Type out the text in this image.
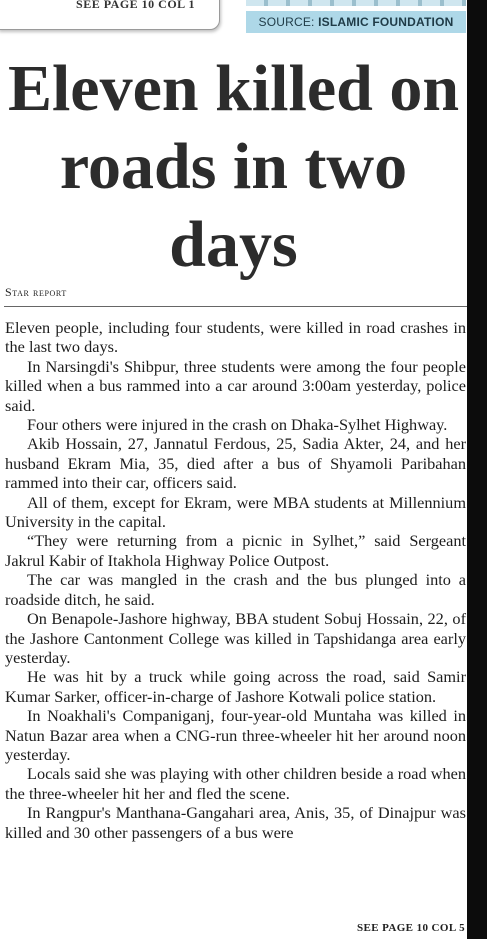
SEE PAGE 10 COL 1
SOURCE: ISLAMIC FOUNDATION
Eleven killed on roads in two days
Star report

Eleven people, including four students, were killed in road crashes in the last two days.

In Narsingdi's Shibpur, three students were among the four people killed when a bus rammed into a car around 3:00am yesterday, police said.

Four others were injured in the crash on Dhaka-Sylhet Highway.

Akib Hossain, 27, Jannatul Ferdous, 25, Sadia Akter, 24, and her husband Ekram Mia, 35, died after a bus of Shyamoli Paribahan rammed into their car, officers said.

All of them, except for Ekram, were MBA students at Millennium University in the capital.

“They were returning from a picnic in Sylhet,” said Sergeant Jakrul Kabir of Itakhola Highway Police Outpost.

The car was mangled in the crash and the bus plunged into a roadside ditch, he said.

On Benapole-Jashore highway, BBA student Sobuj Hossain, 22, of the Jashore Cantonment College was killed in Tapshidanga area early yesterday.

He was hit by a truck while going across the road, said Samir Kumar Sarker, officer-in-charge of Jashore Kotwali police station.

In Noakhali's Companiganj, four-year-old Muntaha was killed in Natun Bazar area when a CNG-run three-wheeler hit her around noon yesterday.

Locals said she was playing with other children beside a road when the three-wheeler hit her and fled the scene.

In Rangpur's Manthana-Gangahari area, Anis, 35, of Dinajpur was killed and 30 other passengers of a bus were

SEE PAGE 10 COL 5
